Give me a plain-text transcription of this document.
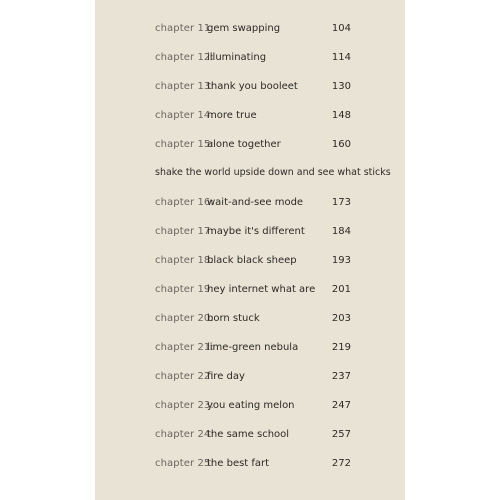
chapter 11:
gem swapping	104
chapter 12:
illuminating	114
chapter 13:
thank you booleet	130
chapter 14:
more true	148
chapter 15:
alone together	160
shake the world upside down and see what sticks
chapter 16:
wait-and-see mode	173
chapter 17:
maybe it's different	184
chapter 18:
black black sheep	193
chapter 19:
hey internet what are 201
chapter 20:
born stuck	203
chapter 21:
lime-green nebula	219
chapter 22:
fire day	237
chapter 23:
you eating melon	247
chapter 24:
the same school	257
chapter 25:
the best fart	272
